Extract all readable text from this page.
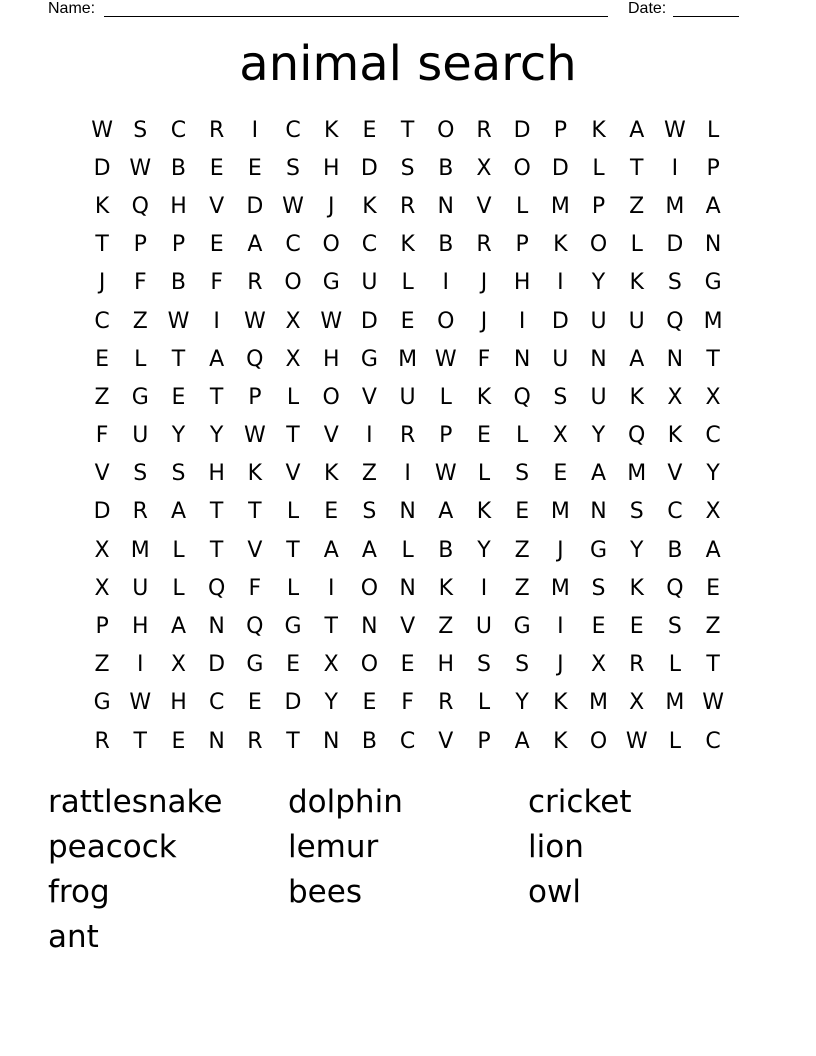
Name:	Date:
animal search
W S	C	R	I	C	K	E	T	O R	D	P	K	A W L
D W B	E	E	S	H D	S	B	X O D	L	T	I	P
K	Q H	V	D W	J	K	R	N	V	L	M	P	Z M A
T	P	P	E	A	C O C	K	B	R	P	K	O	L	D N
J	F	B	F	R O G U	L	I	J	H	I	Y	K	S	G
C	Z W	I	W X W D	E	O	J	I	D U	U Q M
E	L	T	A Q X	H G M W F	N U N	A	N	T
Z	G	E	T	P	L	O	V	U	L	K	Q	S	U	K	X	X
F	U	Y	Y W T	V	I	R	P	E	L	X	Y	Q	K	C
V	S	S	H	K	V	K	Z	I	W L	S	E	A M V	Y
D	R	A	T	T	L	E	S	N	A	K	E M N	S	C	X
X M	L	T	V	T	A	A	L	B	Y	Z	J	G	Y	B	A
X	U	L	Q	F	L	I	O N	K	I	Z M S	K	Q	E
P	H	A	N Q G	T	N	V	Z	U G	I	E	E	S	Z
Z	I	X	D G	E	X O	E	H	S	S	J	X	R	L	T
G W H	C	E	D	Y	E	F	R	L	Y	K M X M W
R	T	E	N	R	T	N	B	C	V	P	A	K	O W L	C
rattlesnake	dolphin	cricket
peacock	lemur	lion
frog	bees	owl
ant
